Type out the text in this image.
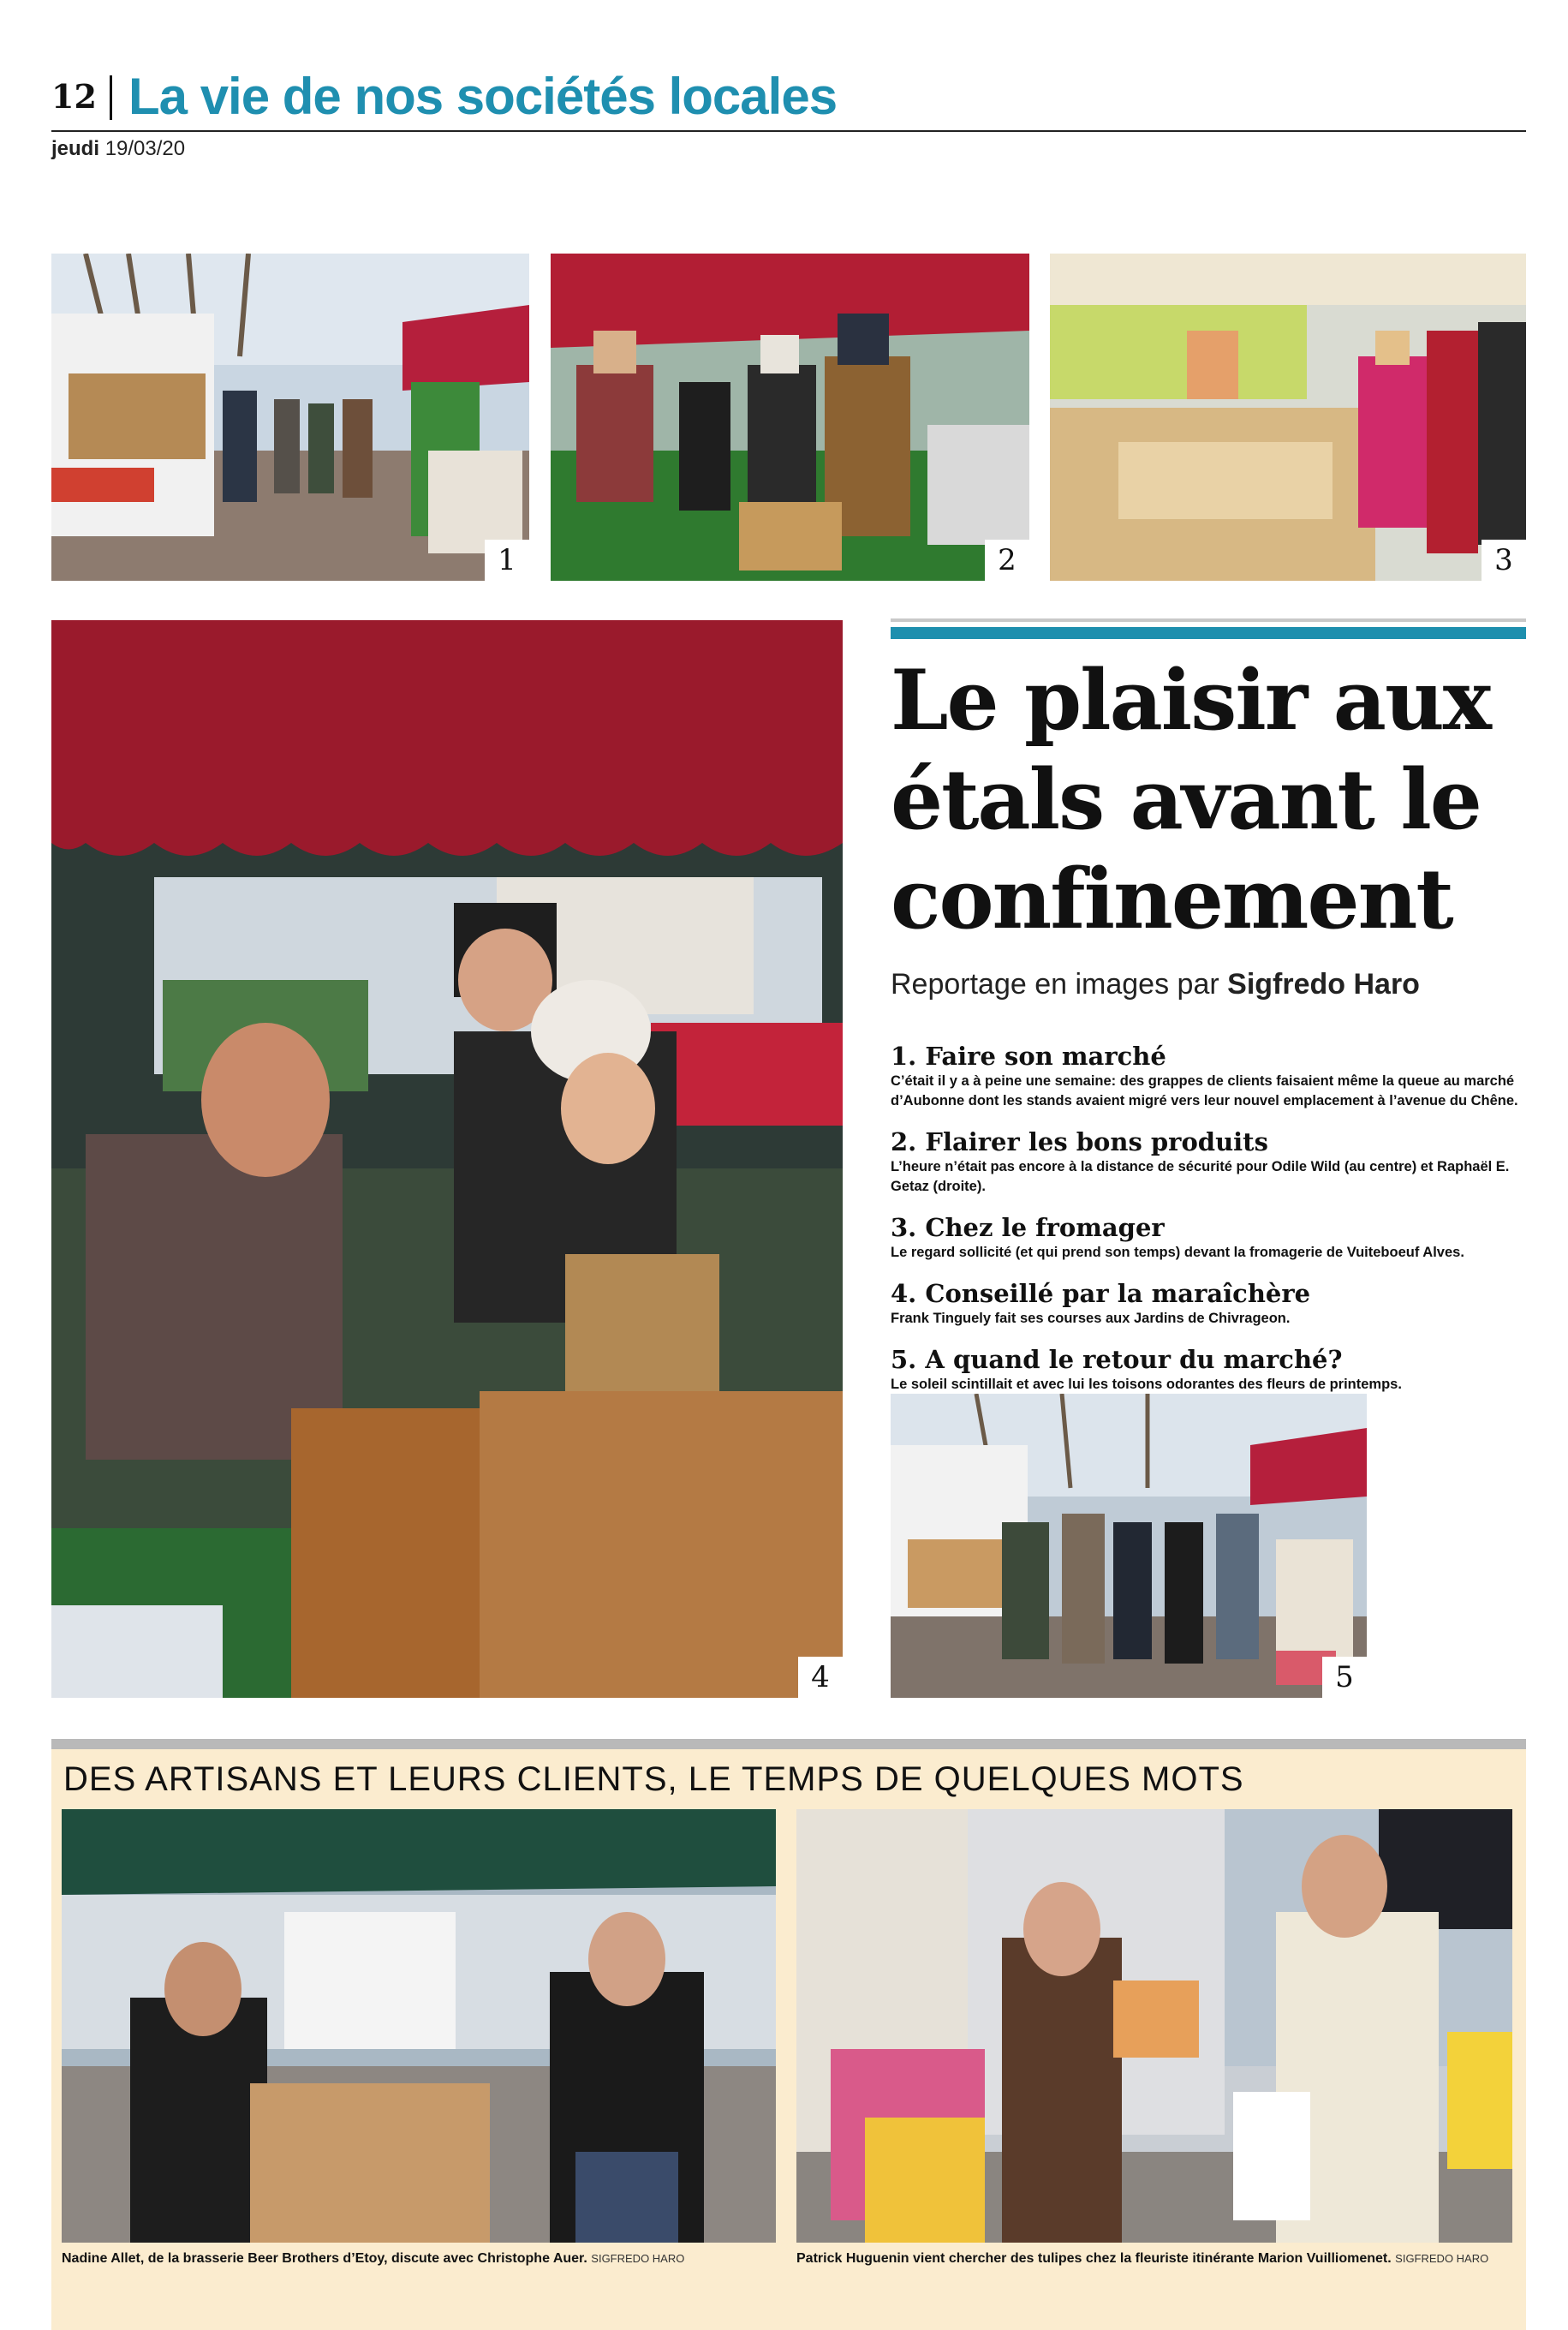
12 La vie de nos sociétés locales
jeudi 19/03/20
1	2	3
4
Le plaisir aux
étals avant le
confinement
Reportage en images par Sigfredo Haro
1. Faire son marché
C’était il y a à peine une semaine: des grappes de clients faisaient même la queue au marché d’Aubonne dont les stands avaient migré vers leur nouvel emplacement à l’avenue du Chêne.
2. Flairer les bons produits
L’heure n’était pas encore à la distance de sécurité pour Odile Wild (au centre) et Raphaël E. Getaz (droite).
3. Chez le fromager
Le regard sollicité (et qui prend son temps) devant la fromagerie de Vuiteboeuf Alves.
4. Conseillé par la maraîchère
Frank Tinguely fait ses courses aux Jardins de Chivrageon.
5. A quand le retour du marché?
Le soleil scintillait et avec lui les toisons odorantes des fleurs de printemps.
5
DES ARTISANS ET LEURS CLIENTS, LE TEMPS DE QUELQUES MOTS
Nadine Allet, de la brasserie Beer Brothers d’Etoy, discute avec Christophe Auer. SIGFREDO HARO	Patrick Huguenin vient chercher des tulipes chez la fleuriste itinérante Marion Vuilliomenet. SIGFREDO HARO
